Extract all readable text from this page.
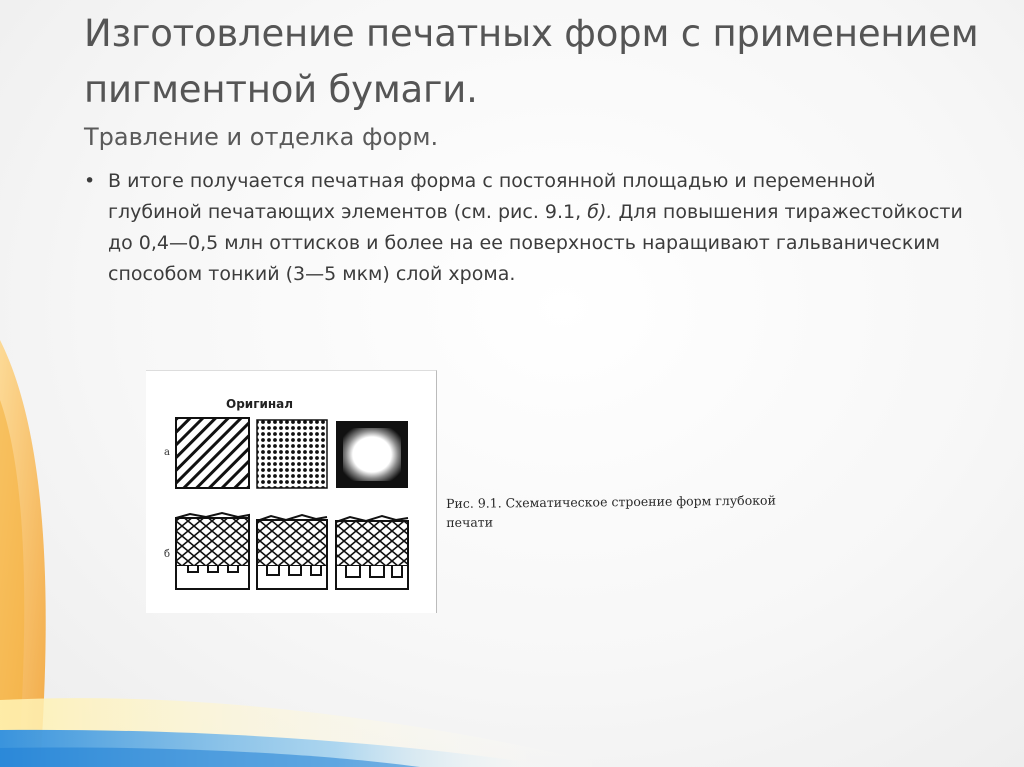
Изготовление печатных форм с применением пигментной бумаги.
Травление и отделка форм.
• В итоге получается печатная форма с постоянной площадью и переменной глубиной печатающих элементов (см. рис. 9.1, б). Для повышения тиражестойкости до 0,4—0,5 млн оттисков и более на ее поверхность наращивают гальваническим способом тонкий (3—5 мкм) слой хрома.
Оригинал
а
б
Рис. 9.1. Схематическое строение форм глубокой печати
